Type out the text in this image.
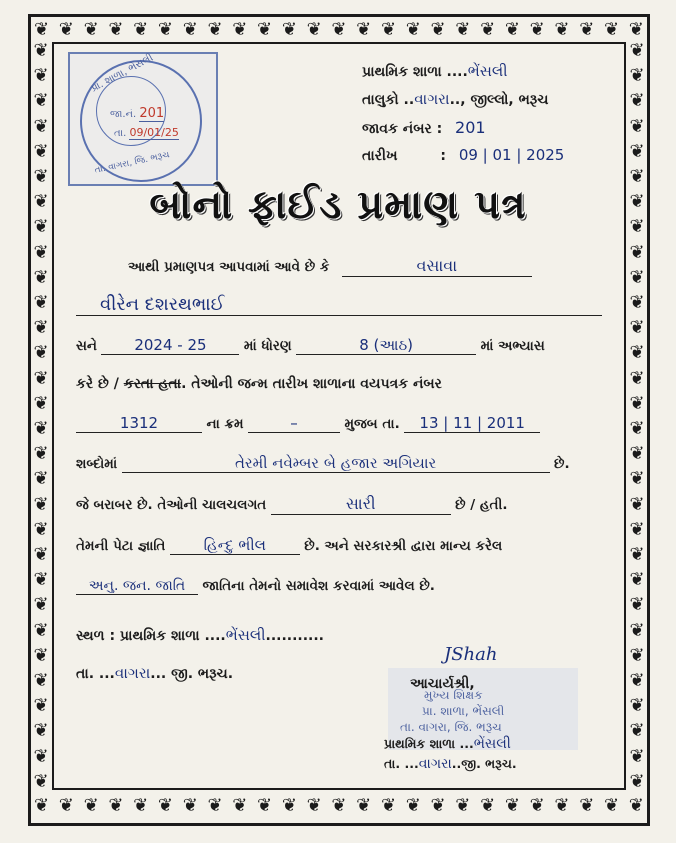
❦ ❦ ❦ ❦ ❦ ❦ ❦ ❦ ❦ ❦ ❦ ❦ ❦ ❦ ❦ ❦ ❦ ❦ ❦ ❦ ❦ ❦ ❦ ❦ ❦
❦ ❦ ❦ ❦ ❦ ❦ ❦ ❦ ❦ ❦ ❦ ❦ ❦ ❦ ❦ ❦ ❦ ❦ ❦ ❦ ❦ ❦ ❦ ❦ ❦
❦
❦
❦
❦
❦
❦
❦
❦
❦
❦
❦
❦
❦
❦
❦
❦
❦
❦
❦
❦
❦
❦
❦
❦
❦
❦
❦
❦
❦
❦
❦
❦
❦
❦
❦
❦
❦
❦
❦
❦
❦
❦
❦
❦
❦
❦
❦
❦
❦
❦
❦
❦
❦
❦
❦
❦
❦
❦
❦
❦
પ્રા. શાળા, ભેંસલી
જા.નં. 201
તા. 09/01/25
તા. વાગરા, જિ. ભરૂચ
પ્રાથમિક શાળા ....ભેંસલી
તાલુકો ..વાગરા.., જીલ્લો, ભરૂચ
જાવક નંબર : 201
તારીખ	: 09 | 01 | 2025
બોનો ફાઈડ પ્રમાણ પત્ર
આથી પ્રમાણપત્ર આપવામાં આવે છે કે	વસાવા
વીરેન દશરથભાઈ
સને 2024 - 25	માં ધોરણ	8 (આઠ)	માં અભ્યાસ
કરે છે / કરતા હતા. તેઓની જન્મ તારીખ શાળાના વયપત્રક નંબર
1312	ના ક્રમ	–	મુજબ તા. 13 | 11 | 2011
શબ્દોમાં	તેરમી નવેમ્બર બે હજાર અગિયાર	છે.
જે બરાબર છે. તેઓની ચાલચલગત	સારી	છે / હતી.
તેમની પેટા જ્ઞાતિ	હિન્દુ ભીલ	છે. અને સરકારશ્રી દ્વારા માન્ય કરેલ
અનુ. જન. જાતિ જાતિના તેમનો સમાવેશ કરવામાં આવેલ છે.
સ્થળ : પ્રાથમિક શાળા ....ભેંસલી...........
તા. ...વાગરા... જી. ભરૂચ.
JShah
આચાર્યશ્રી,
મુખ્ય શિક્ષક
પ્રા. શાળા, ભેંસલી
તા. વાગરા, જિ. ભરૂચ
પ્રાથમિક શાળા ...ભેંસલી
તા. ...વાગરા..જી. ભરૂચ.
